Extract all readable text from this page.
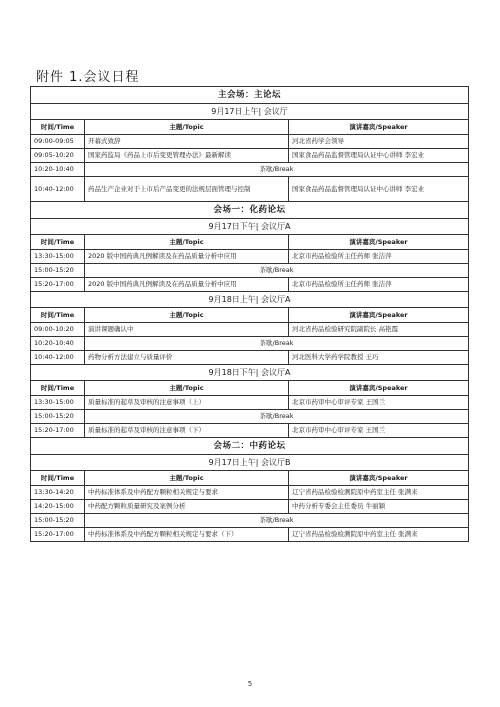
附件 1.会议日程
主会场：主论坛		
9月17日上午| 会议厅		
时间/Time	主题/Topic	演讲嘉宾/Speaker
09:00-09:05	开幕式致辞	河北省药学会领导
09:05-10:20	国家药监局《药品上市后变更管理办法》最新解读	国家食品药品监督管理局认证中心讲师 李宏业
10:20-10:40	茶歇/Break	
10:40-12:00	药品生产企业对于上市后产品变更的法规层面管理与控制	国家食品药品监督管理局认证中心讲师 李宏业
会场一：化药论坛		
9月17日下午| 会议厅A		
时间/Time	主题/Topic	演讲嘉宾/Speaker
13:30-15:00	2020 版中国药典凡例解读及在药品质量分析中应用	北京市药品检验所主任药师 张洁萍
15:00-15:20	茶歇/Break	
15:20-17:00	2020 版中国药典凡例解读及在药品质量分析中应用	北京市药品检验所主任药师 张洁萍
9月18日上午| 会议厅A		
时间/Time	主题/Topic	演讲嘉宾/Speaker
09:00-10:20	演讲课题确认中	河北省药品检验研究院副院长 高艳霞
10:20-10:40	茶歇/Break	
10:40-12:00	药物分析方法建立与质量评价	河北医科大学药学院教授 王巧
9月18日下午| 会议厅A		
时间/Time	主题/Topic	演讲嘉宾/Speaker
13:30-15:00	质量标准的起草及审核的注意事项（上）	北京市药审中心审评专家 王国兰
15:00-15:20	茶歇/Break	
15:20-17:00	质量标准的起草及审核的注意事项（下）	北京市药审中心审评专家 王国兰
会场二：中药论坛		
9月17日上午| 会议厅B		
时间/Time	主题/Topic	演讲嘉宾/Speaker
13:30-14:20	中药标准体系及中药配方颗粒相关规定与要求	辽宁省药品检验检测院原中药室主任 张满来
14:20-15:00	中药配方颗粒质量研究及案例分析	中药分析专委会主任委员 牛丽颖
15:00-15:20	茶歇/Break	
15:20-17:00	中药标准体系及中药配方颗粒相关规定与要求（下）	辽宁省药品检验检测院原中药室主任 张满来
5
